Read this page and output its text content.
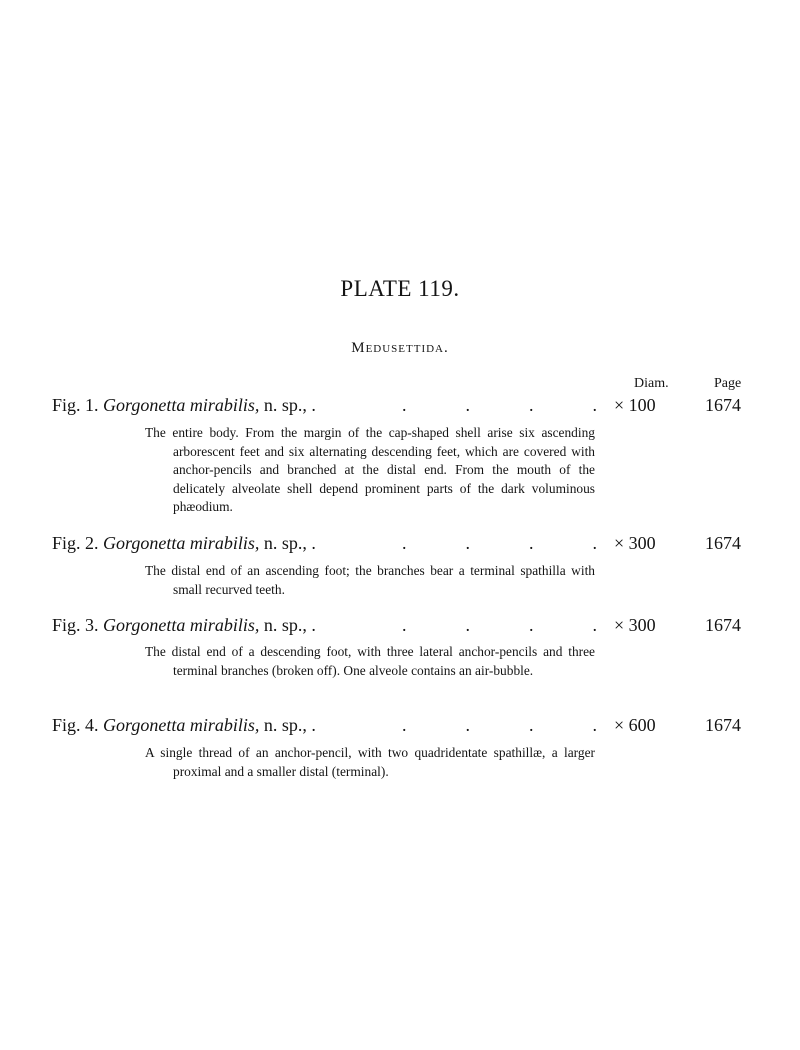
PLATE 119.
Medusettida.
Diam.	Page
Fig. 1. Gorgonetta mirabilis, n. sp., .	.	.	.	. × 100	1674
The entire body. From the margin of the cap-shaped shell arise six ascending arborescent feet and six alternating descending feet, which are covered with anchor-pencils and branched at the distal end. From the mouth of the delicately alveolate shell depend prominent parts of the dark voluminous phæodium.
Fig. 2. Gorgonetta mirabilis, n. sp., .	.	.	.	. × 300	1674
The distal end of an ascending foot; the branches bear a terminal spathilla with small recurved teeth.
Fig. 3. Gorgonetta mirabilis, n. sp., .	.	.	.	. × 300	1674
The distal end of a descending foot, with three lateral anchor-pencils and three terminal branches (broken off). One alveole contains an air-bubble.
Fig. 4. Gorgonetta mirabilis, n. sp., .	.	.	.	. × 600	1674
A single thread of an anchor-pencil, with two quadridentate spathillæ, a larger proximal and a smaller distal (terminal).
